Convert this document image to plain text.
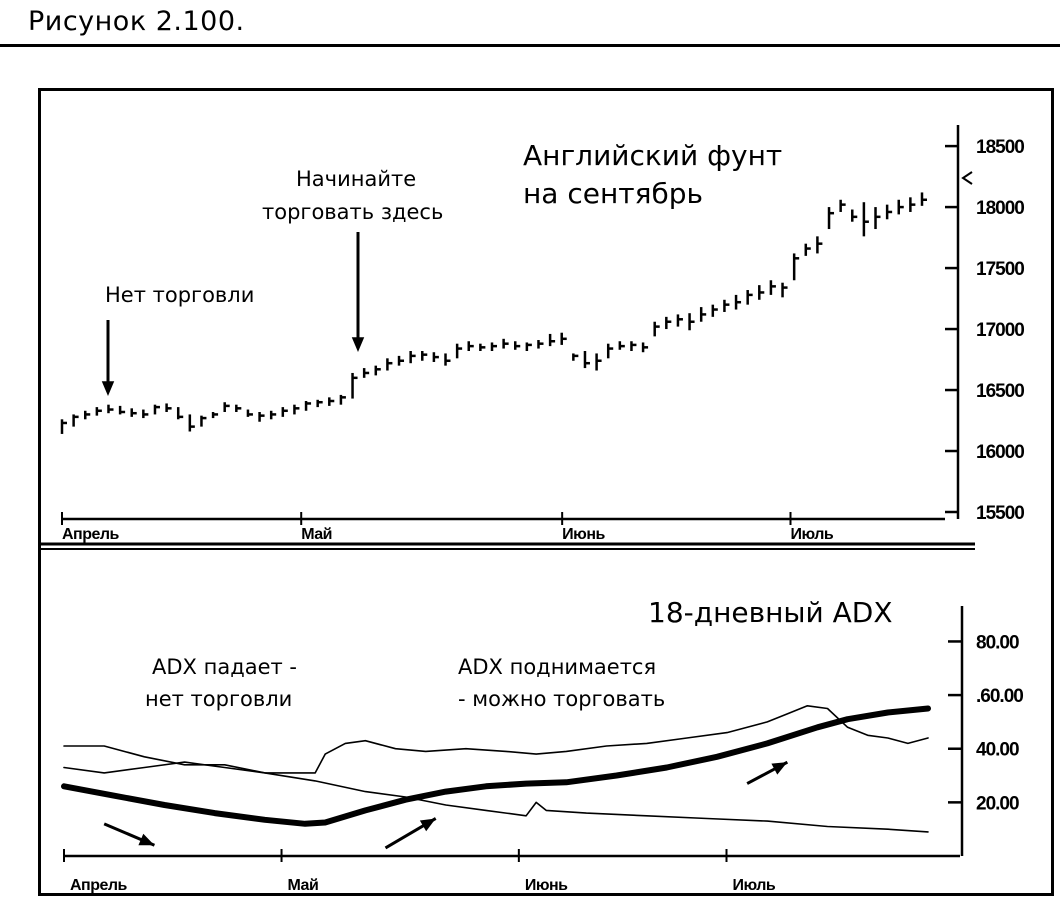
Рисунок 2.100.
Английский фунт
на сентябрь
Нет торговли
Начинайте
торговать здесь
18500
18000
17500
17000
16500
16000
15500
Апрель	Май	Июнь	Июль
18-дневный ADX
ADX падает -
нет торговли
ADX поднимается
- можно торговать
80.00
.60.00
40.00
20.00
Апрель	Май	Июнь	Июль
